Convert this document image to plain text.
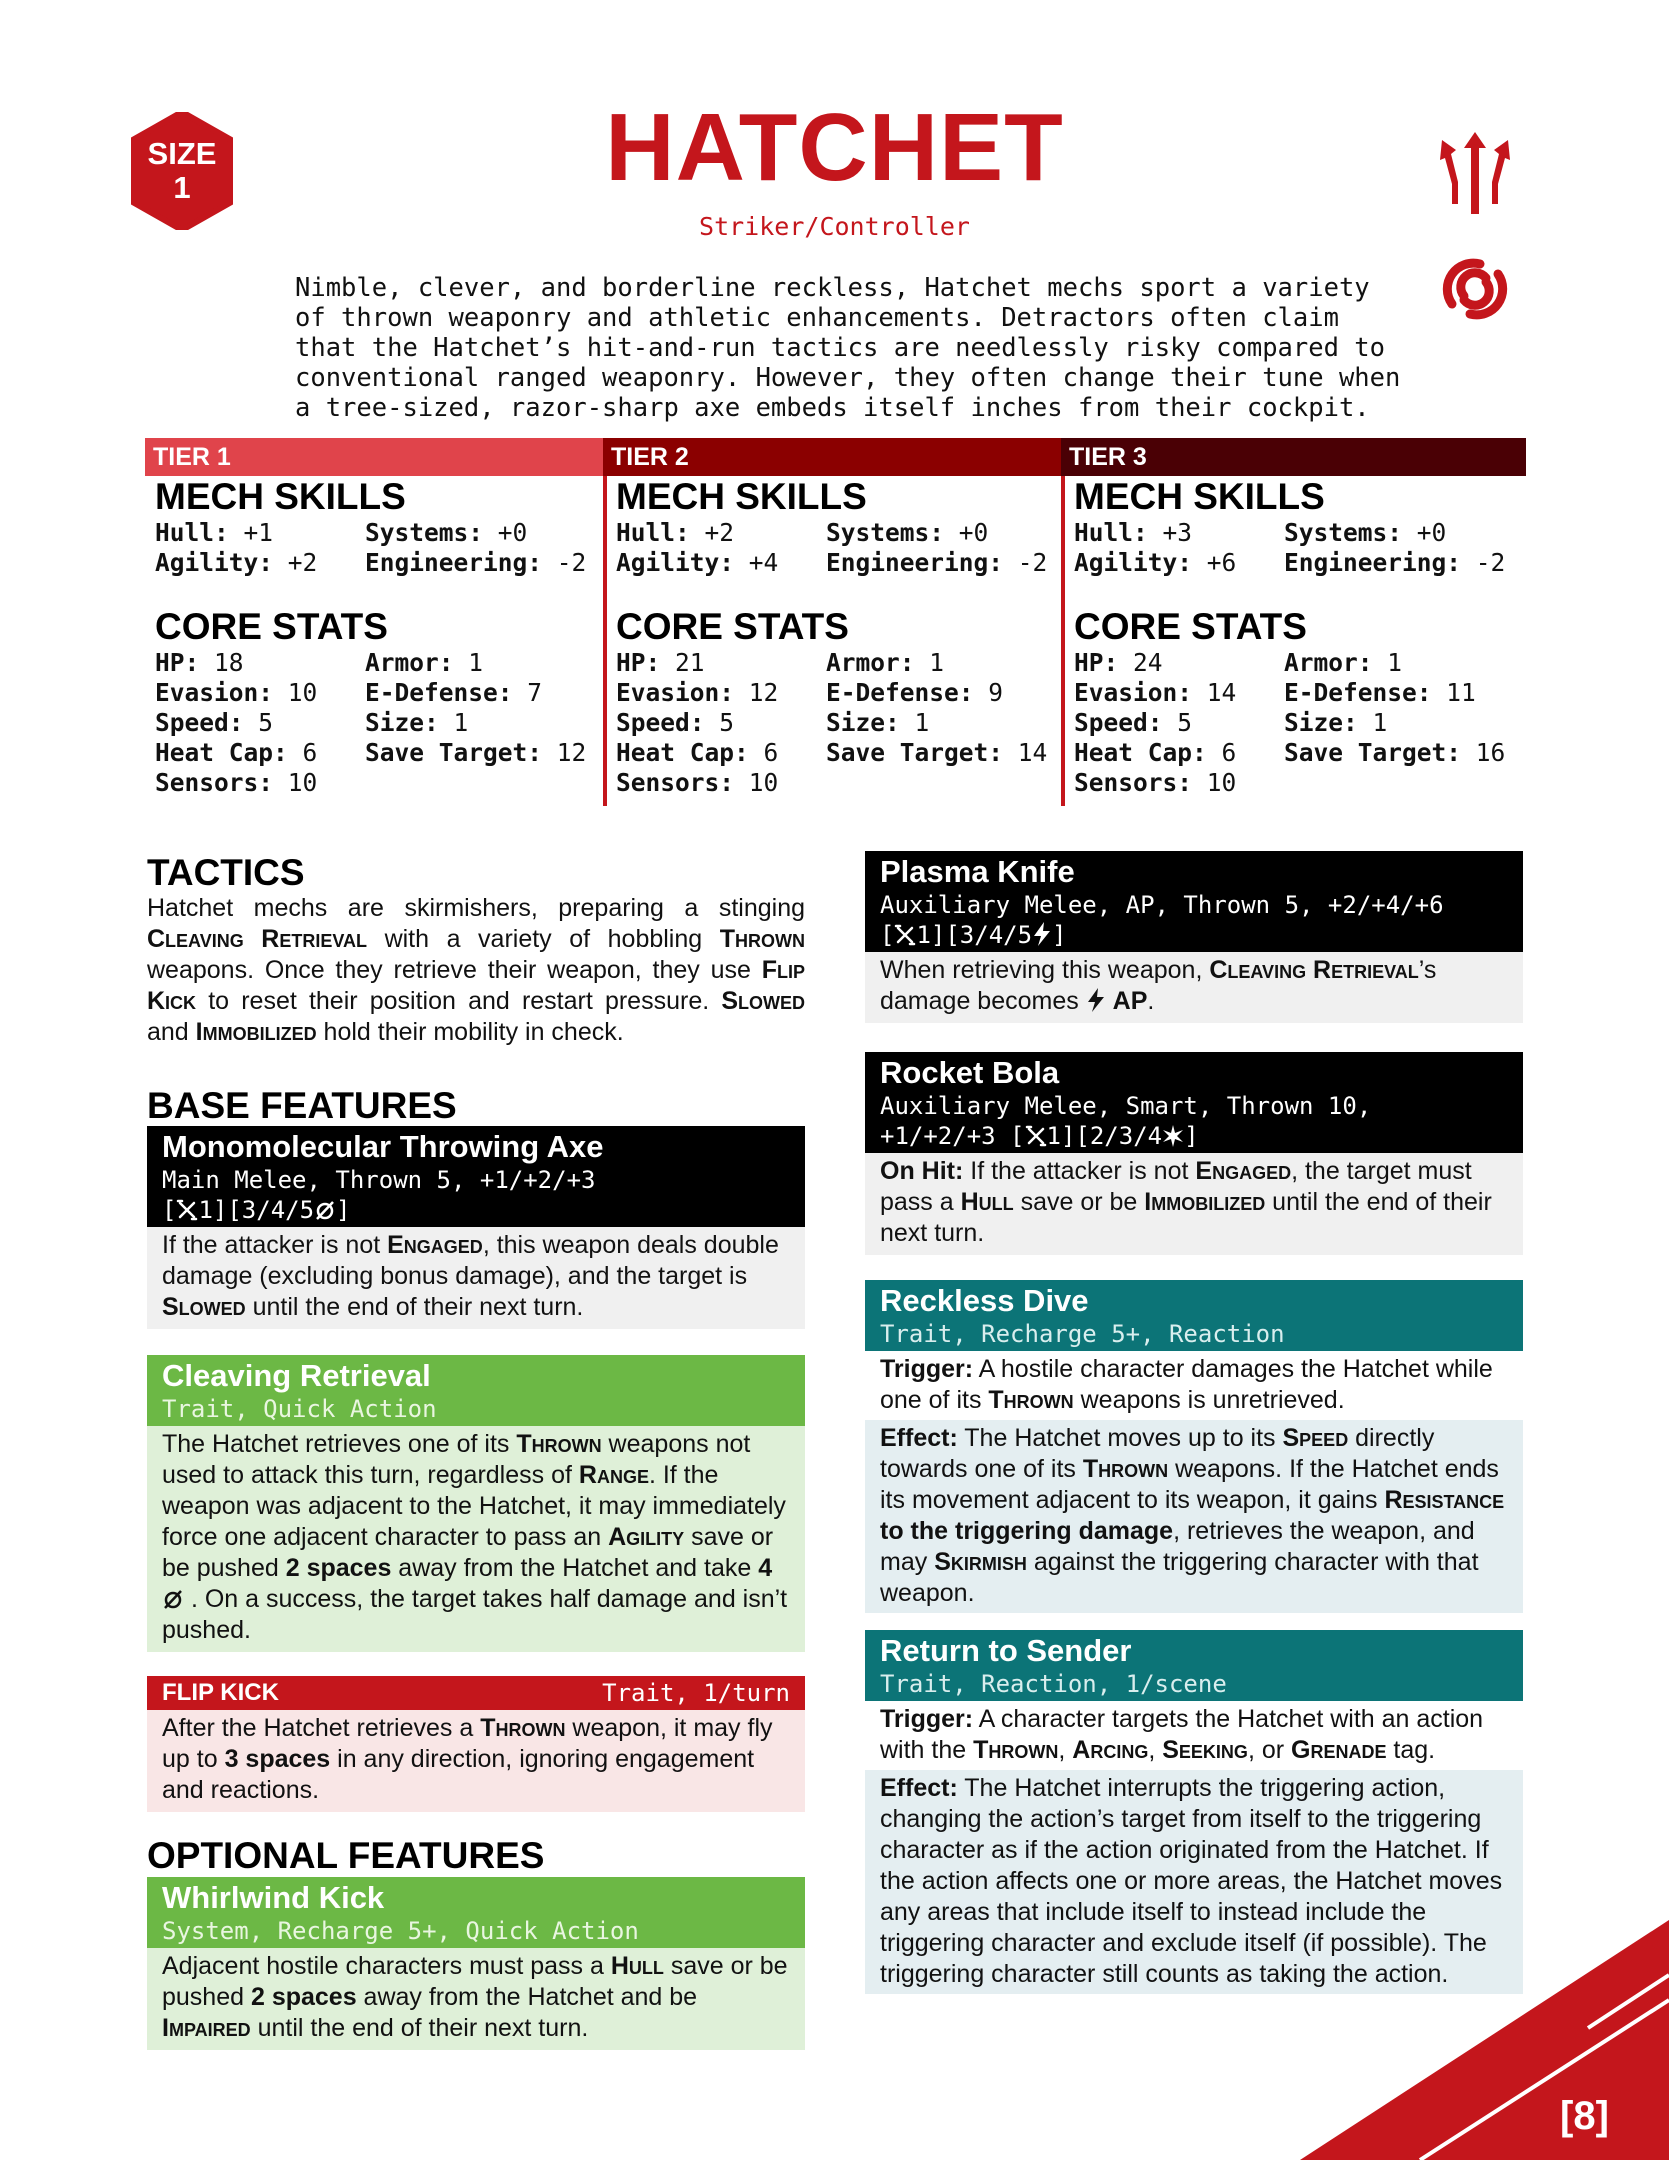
SIZE
1	HATCHET
Striker/Controller
Nimble, clever, and borderline reckless, Hatchet mechs sport a variety
of thrown weaponry and athletic enhancements. Detractors often claim
that the Hatchet’s hit-and-run tactics are needlessly risky compared to
conventional ranged weaponry. However, they often change their tune when
a tree-sized, razor-sharp axe embeds itself inches from their cockpit.
TIER 1	TIER 2	TIER 3
MECH SKILLS
Hull: +1	Systems: +0
Agility: +2	Engineering: -2
CORE STATS
HP: 18	Armor: 1
Evasion: 10	E-Defense: 7
Speed: 5	Size: 1
Heat Cap: 6	Save Target: 12
Sensors: 10
MECH SKILLS
Hull: +2	Systems: +0
Agility: +4	Engineering: -2
CORE STATS
HP: 21	Armor: 1
Evasion: 12	E-Defense: 9
Speed: 5	Size: 1
Heat Cap: 6	Save Target: 14
Sensors: 10
MECH SKILLS
Hull: +3	Systems: +0
Agility: +6	Engineering: -2
CORE STATS
HP: 24	Armor: 1
Evasion: 14	E-Defense: 11
Speed: 5	Size: 1
Heat Cap: 6	Save Target: 16
Sensors: 10
TACTICS
Hatchet mechs are skirmishers, preparing a stinging Cleaving Retrieval with a variety of hobbling Thrown weapons. Once they retrieve their weapon, they use Flip Kick to reset their position and restart pressure. Slowed and Immobilized hold their mobility in check.
BASE FEATURES
Monomolecular Throwing Axe
Main Melee, Thrown 5, +1/+2/+3
[ 1][3/4/5 ]
If the attacker is not Engaged, this weapon deals double damage (excluding bonus damage), and the target is Slowed until the end of their next turn.
Cleaving Retrieval
Trait, Quick Action
The Hatchet retrieves one of its Thrown weapons not used to attack this turn, regardless of Range. If the weapon was adjacent to the Hatchet, it may immediately force one adjacent character to pass an Agility save or be pushed 2 spaces away from the Hatchet and take 4  . On a success, the target takes half damage and isn’t pushed.
FLIP KICK	Trait, 1/turn
After the Hatchet retrieves a Thrown weapon, it may fly up to 3 spaces in any direction, ignoring engagement and reactions.
OPTIONAL FEATURES
Whirlwind Kick
System, Recharge 5+, Quick Action
Adjacent hostile characters must pass a Hull save or be pushed 2 spaces away from the Hatchet and be Impaired until the end of their next turn.
Plasma Knife
Auxiliary Melee, AP, Thrown 5, +2/+4/+6
[ 1][3/4/5 ]
When retrieving this weapon, Cleaving Retrieval’s damage becomes  AP.
Rocket Bola
Auxiliary Melee, Smart, Thrown 10,
+1/+2/+3 [ 1][2/3/4 ]
On Hit: If the attacker is not Engaged, the target must pass a Hull save or be Immobilized until the end of their next turn.
Reckless Dive
Trait, Recharge 5+, Reaction
Trigger: A hostile character damages the Hatchet while one of its Thrown weapons is unretrieved.
Effect: The Hatchet moves up to its Speed directly towards one of its Thrown weapons. If the Hatchet ends its movement adjacent to its weapon, it gains Resistance to the triggering damage, retrieves the weapon, and may Skirmish against the triggering character with that weapon.
Return to Sender
Trait, Reaction, 1/scene
Trigger: A character targets the Hatchet with an action with the Thrown, Arcing, Seeking, or Grenade tag.
Effect: The Hatchet interrupts the triggering action, changing the action’s target from itself to the triggering character as if the action originated from the Hatchet. If the action affects one or more areas, the Hatchet moves any areas that include itself to instead include the triggering character and exclude itself (if possible). The triggering character still counts as taking the action.
[8]
